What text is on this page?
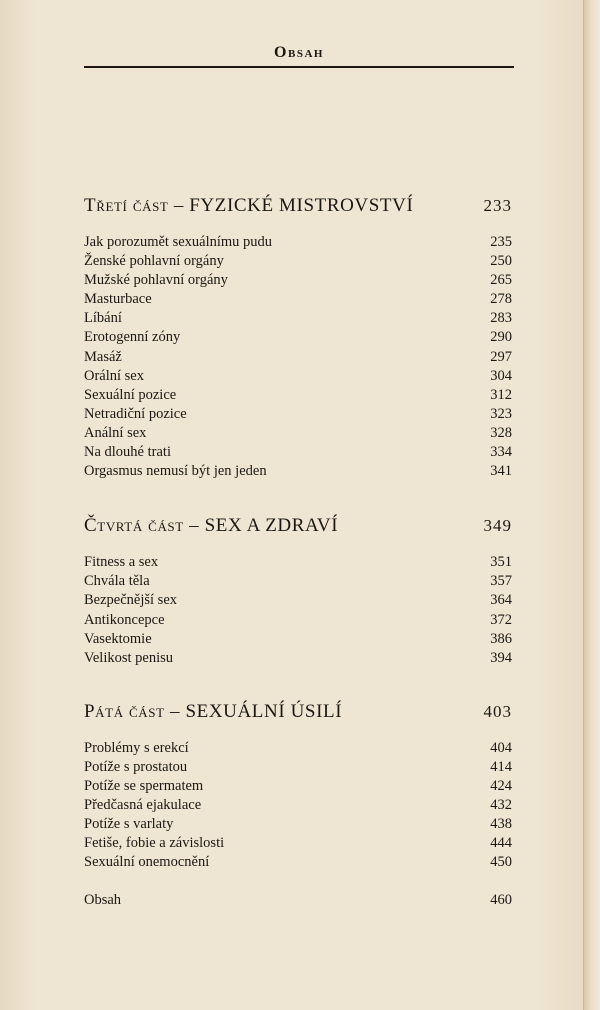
Obsah
Třetí část – FYZICKÉ MISTROVSTVÍ	233
Jak porozumět sexuálnímu pudu	235
Ženské pohlavní orgány	250
Mužské pohlavní orgány	265
Masturbace	278
Líbání	283
Erotogenní zóny	290
Masáž	297
Orální sex	304
Sexuální pozice	312
Netradiční pozice	323
Anální sex	328
Na dlouhé trati	334
Orgasmus nemusí být jen jeden	341
Čtvrtá část – SEX A ZDRAVÍ	349
Fitness a sex	351
Chvála těla	357
Bezpečnější sex	364
Antikoncepce	372
Vasektomie	386
Velikost penisu	394
Pátá část – SEXUÁLNÍ ÚSILÍ	403
Problémy s erekcí	404
Potíže s prostatou	414
Potíže se spermatem	424
Předčasná ejakulace	432
Potíže s varlaty	438
Fetiše, fobie a závislosti	444
Sexuální onemocnění	450
Obsah	460
